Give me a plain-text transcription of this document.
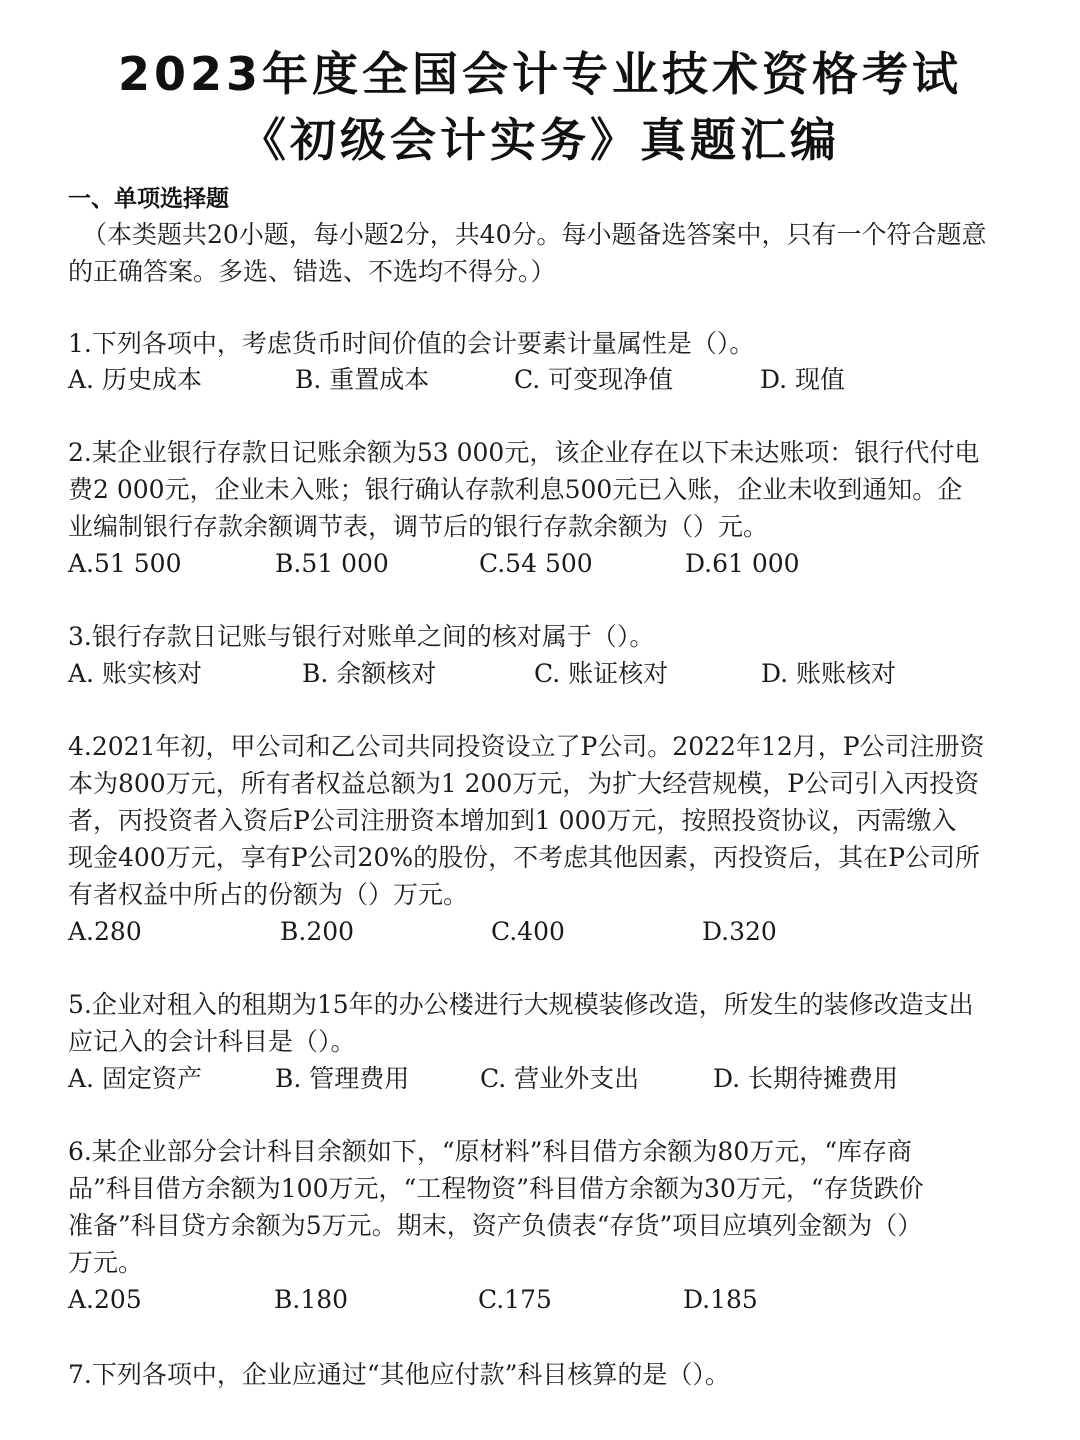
2023年度全国会计专业技术资格考试
《初级会计实务》真题汇编
一、单项选择题
（本类题共20小题，每小题2分，共40分。每小题备选答案中，只有一个符合题意
的正确答案。多选、错选、不选均不得分。）
1.下列各项中，考虑货币时间价值的会计要素计量属性是（）。
A. 历史成本	B. 重置成本	C. 可变现净值	D. 现值
2.某企业银行存款日记账余额为53 000元，该企业存在以下未达账项：银行代付电
费2 000元，企业未入账；银行确认存款利息500元已入账，企业未收到通知。企
业编制银行存款余额调节表，调节后的银行存款余额为（）元。
A.51 500	B.51 000	C.54 500	D.61 000
3.银行存款日记账与银行对账单之间的核对属于（）。
A. 账实核对	B. 余额核对	C. 账证核对	D. 账账核对
4.2021年初，甲公司和乙公司共同投资设立了P公司。2022年12月，P公司注册资
本为800万元，所有者权益总额为1 200万元，为扩大经营规模，P公司引入丙投资
者，丙投资者入资后P公司注册资本增加到1 000万元，按照投资协议，丙需缴入
现金400万元，享有P公司20%的股份，不考虑其他因素，丙投资后，其在P公司所
有者权益中所占的份额为（）万元。
A.280	B.200	C.400	D.320
5.企业对租入的租期为15年的办公楼进行大规模装修改造，所发生的装修改造支出
应记入的会计科目是（）。
A. 固定资产	B. 管理费用	C. 营业外支出	D. 长期待摊费用
6.某企业部分会计科目余额如下，“原材料”科目借方余额为80万元，“库存商
品”科目借方余额为100万元，“工程物资”科目借方余额为30万元，“存货跌价
准备”科目贷方余额为5万元。期末，资产负债表“存货”项目应填列金额为（）
万元。
A.205	B.180	C.175	D.185
7.下列各项中，企业应通过“其他应付款”科目核算的是（）。
